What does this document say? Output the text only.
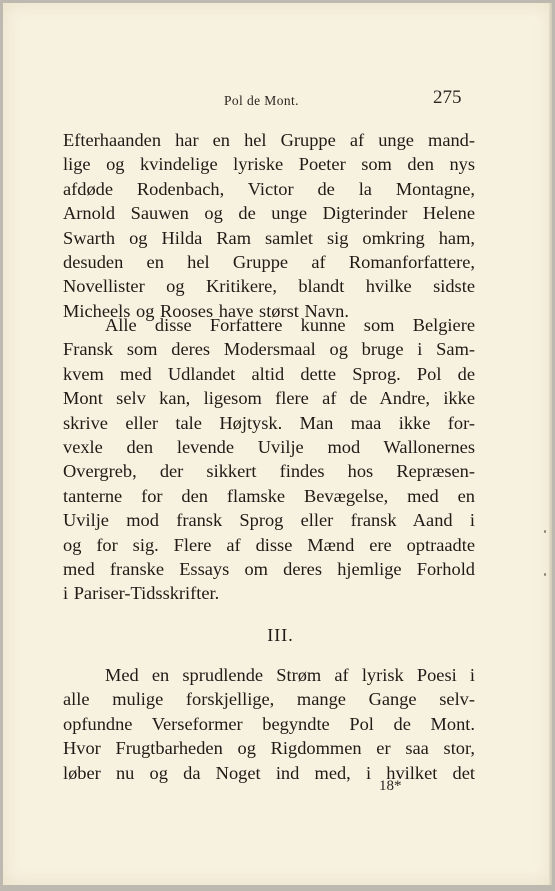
Pol de Mont.	275

Efterhaanden har en hel Gruppe af unge mand-

lige og kvindelige lyriske Poeter som den nys

afdøde Rodenbach, Victor de la Montagne,

Arnold Sauwen og de unge Digterinder Helene

Swarth og Hilda Ram samlet sig omkring ham,

desuden en hel Gruppe af Romanforfattere,

Novellister og Kritikere, blandt hvilke sidste

Micheels og Rooses have størst Navn.

Alle disse Forfattere kunne som Belgiere

Fransk som deres Modersmaal og bruge i Sam-

kvem med Udlandet altid dette Sprog. Pol de

Mont selv kan, ligesom flere af de Andre, ikke

skrive eller tale Højtysk. Man maa ikke for-

vexle den levende Uvilje mod Wallonernes

Overgreb, der sikkert findes hos Repræsen-

tanterne for den flamske Bevægelse, med en

Uvilje mod fransk Sprog eller fransk Aand i

og for sig. Flere af disse Mænd ere optraadte

med franske Essays om deres hjemlige Forhold

i Pariser-Tidsskrifter.

III.

Med en sprudlende Strøm af lyrisk Poesi i

alle mulige forskjellige, mange Gange selv-

opfundne Verseformer begyndte Pol de Mont.

Hvor Frugtbarheden og Rigdommen er saa stor,

løber nu og da Noget ind med, i hvilket det

18*
